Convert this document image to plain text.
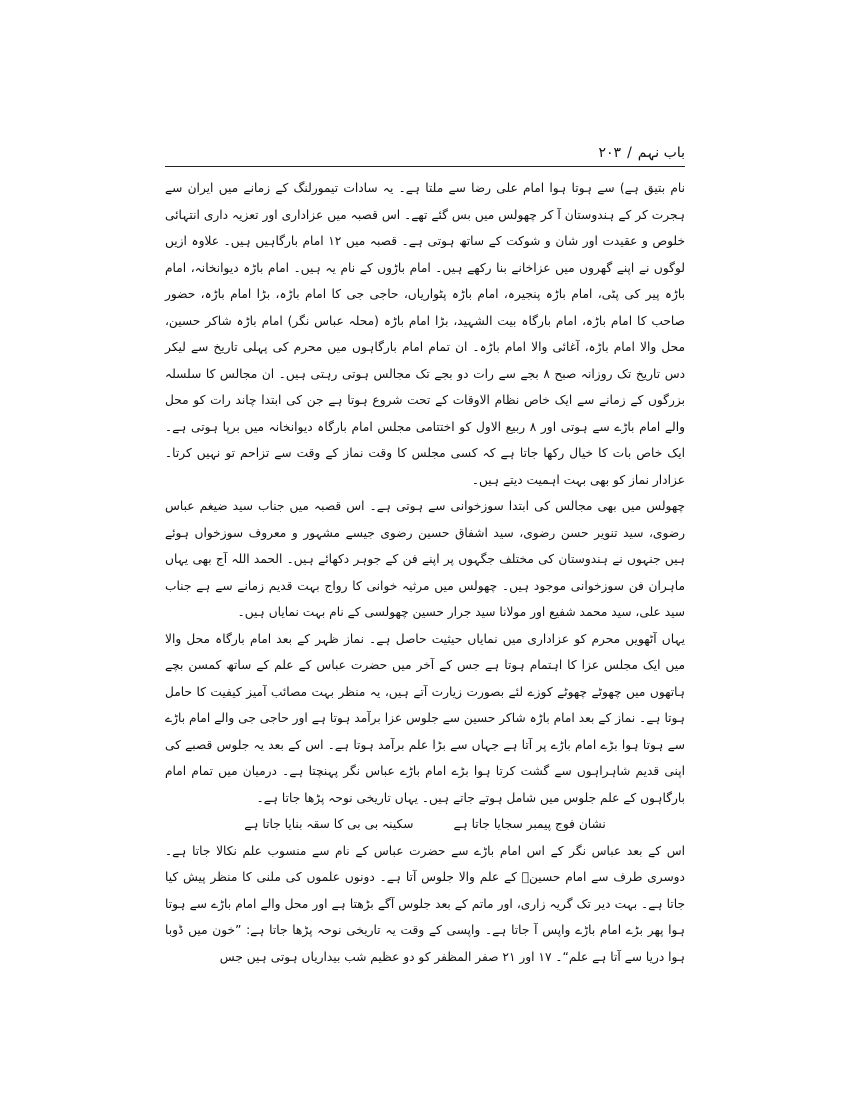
باب نہم/۲۰۳

نام بتیق ہے) سے ہوتا ہوا امام علی رضا سے ملتا ہے۔ یہ سادات تیمورلنگ کے زمانے میں ایران سے ہجرت کر کے ہندوستان آ کر چھولس میں بس گئے تھے۔ اس قصبہ میں عزاداری اور تعزیہ داری انتہائی خلوص و عقیدت اور شان و شوکت کے ساتھ ہوتی ہے۔ قصبہ میں ۱۲ امام بارگاہیں ہیں۔ علاوہ ازیں لوگوں نے اپنے گھروں میں عزاخانے بنا رکھے ہیں۔ امام باڑوں کے نام یہ ہیں۔ امام باڑہ دیوانخانہ، امام باڑہ پیر کی پٹی، امام باڑہ پنجیرہ، امام باڑہ پٹواریاں، حاجی جی کا امام باڑہ، بڑا امام باڑہ، حضور صاحب کا امام باڑہ، امام بارگاہ بیت الشہید، بڑا امام باڑہ (محلہ عباس نگر) امام باڑہ شاکر حسین، محل والا امام باڑہ، آغائی والا امام باڑہ۔ ان تمام امام بارگاہوں میں محرم کی پہلی تاریخ سے لیکر دس تاریخ تک روزانہ صبح ۸ بجے سے رات دو بجے تک مجالس ہوتی رہتی ہیں۔ ان مجالس کا سلسلہ بزرگوں کے زمانے سے ایک خاص نظام الاوقات کے تحت شروع ہوتا ہے جن کی ابتدا چاند رات کو محل والے امام باڑے سے ہوتی اور ۸ ربیع الاول کو اختتامی مجلس امام بارگاہ دیوانخانہ میں برپا ہوتی ہے۔ ایک خاص بات کا خیال رکھا جاتا ہے کہ کسی مجلس کا وقت نماز کے وقت سے تزاحم تو نہیں کرتا۔ عزادار نماز کو بھی بہت اہمیت دیتے ہیں۔

چھولس میں بھی مجالس کی ابتدا سوزخوانی سے ہوتی ہے۔ اس قصبہ میں جناب سید ضیغم عباس رضوی، سید تنویر حسن رضوی، سید اشفاق حسین رضوی جیسے مشہور و معروف سوزخواں ہوئے ہیں جنہوں نے ہندوستان کی مختلف جگہوں پر اپنے فن کے جوہر دکھائے ہیں۔ الحمد اللہ آج بھی یہاں ماہران فن سوزخوانی موجود ہیں۔ چھولس میں مرثیہ خوانی کا رواج بہت قدیم زمانے سے ہے جناب سید علی، سید محمد شفیع اور مولانا سید جرار حسین چھولسی کے نام بہت نمایاں ہیں۔

یہاں آٹھویں محرم کو عزاداری میں نمایاں حیثیت حاصل ہے۔ نماز ظہر کے بعد امام بارگاہ محل والا میں ایک مجلس عزا کا اہتمام ہوتا ہے جس کے آخر میں حضرت عباس کے علم کے ساتھ کمسن بچے ہاتھوں میں چھوٹے چھوٹے کوزے لئے بصورت زیارت آتے ہیں، یہ منظر بہت مصائب آمیز کیفیت کا حامل ہوتا ہے۔ نماز کے بعد امام باڑہ شاکر حسین سے جلوس عزا برآمد ہوتا ہے اور حاجی جی والے امام باڑے سے ہوتا ہوا بڑے امام باڑے پر آتا ہے جہاں سے بڑا علم برآمد ہوتا ہے۔ اس کے بعد یہ جلوس قصبے کی اپنی قدیم شاہراہوں سے گشت کرتا ہوا بڑے امام باڑے عباس نگر پہنچتا ہے۔ درمیان میں تمام امام بارگاہوں کے علم جلوس میں شامل ہوتے جاتے ہیں۔ یہاں تاریخی نوحہ پڑھا جاتا ہے۔

نشان فوج پیمبر سجایا جاتا ہے
سکینہ بی بی کا سقہ بنایا جاتا ہے

اس کے بعد عباس نگر کے اس امام باڑے سے حضرت عباس کے نام سے منسوب علم نکالا جاتا ہے۔ دوسری طرف سے امام حسینؑ کے علم والا جلوس آتا ہے۔ دونوں علموں کی ملنی کا منظر پیش کیا جاتا ہے۔ بہت دیر تک گریہ زاری، اور ماتم کے بعد جلوس آگے بڑھتا ہے اور محل والے امام باڑے سے ہوتا ہوا پھر بڑے امام باڑے واپس آ جاتا ہے۔ واپسی کے وقت یہ تاریخی نوحہ پڑھا جاتا ہے: ”خون میں ڈوبا ہوا دریا سے آتا ہے علم“۔ ۱۷ اور ۲۱ صفر المظفر کو دو عظیم شب بیداریاں ہوتی ہیں جس
